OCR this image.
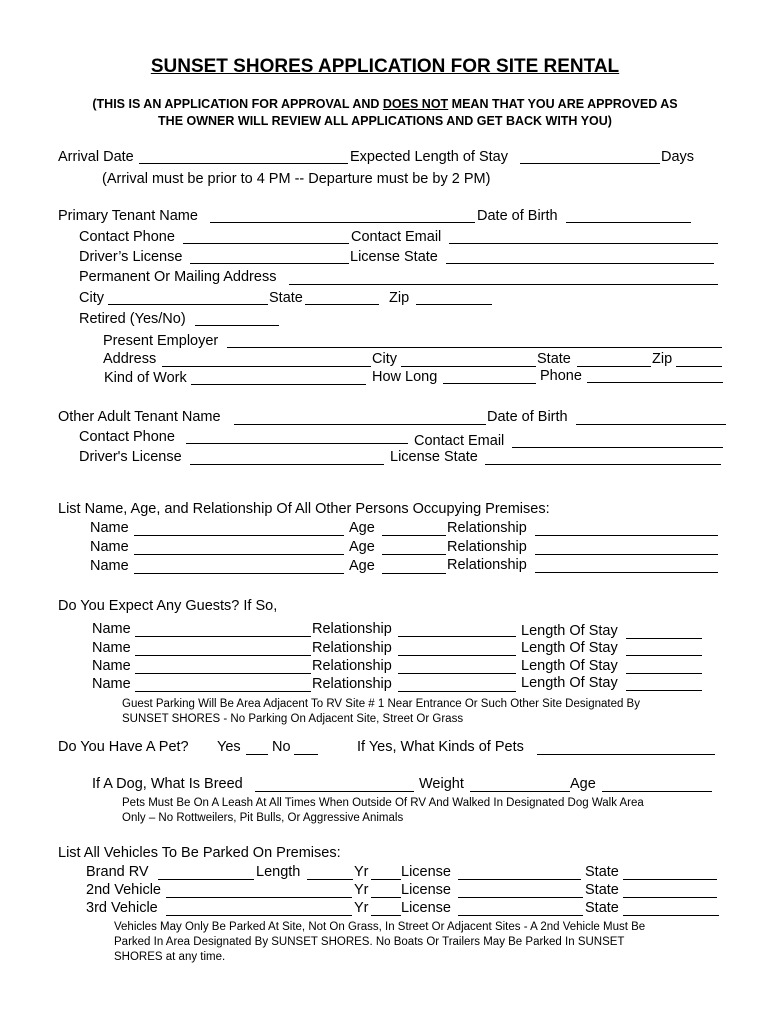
SUNSET SHORES APPLICATION FOR SITE RENTAL
(THIS IS AN APPLICATION FOR APPROVAL AND DOES NOT MEAN THAT YOU ARE APPROVED AS
THE OWNER WILL REVIEW ALL APPLICATIONS AND GET BACK WITH YOU)
Arrival Date	Expected Length of Stay	Days
(Arrival must be prior to 4 PM -- Departure must be by 2 PM)
Primary Tenant Name	Date of Birth
Contact Phone	Contact Email
Driver’s License	License State
Permanent Or Mailing Address
City	State	Zip
Retired (Yes/No)
Present Employer
Address	City	State	Zip
Kind of Work	How Long	Phone
Other Adult Tenant Name	Date of Birth
Contact Phone	Contact Email
Driver's License	License State
List Name, Age, and Relationship Of All Other Persons Occupying Premises:
Name	Age	Relationship
Name	Age	Relationship
Name	Age	Relationship
Do You Expect Any Guests? If So,
Name	Relationship	Length Of Stay
Name	Relationship	Length Of Stay
Name	Relationship	Length Of Stay
Name	Relationship	Length Of Stay
Guest Parking Will Be Area Adjacent To RV Site # 1 Near Entrance Or Such Other Site Designated By
SUNSET SHORES - No Parking On Adjacent Site, Street Or Grass
Do You Have A Pet? Yes No	If Yes, What Kinds of Pets
If A Dog, What Is Breed	Weight	Age
Pets Must Be On A Leash At All Times When Outside Of RV And Walked In Designated Dog Walk Area
Only – No Rottweilers, Pit Bulls, Or Aggressive Animals
List All Vehicles To Be Parked On Premises:
Brand RV	Length	Yr License	State
2nd Vehicle	Yr License	State
3rd Vehicle	Yr License	State
Vehicles May Only Be Parked At Site, Not On Grass, In Street Or Adjacent Sites - A 2nd Vehicle Must Be
Parked In Area Designated By SUNSET SHORES. No Boats Or Trailers May Be Parked In SUNSET
SHORES at any time.
